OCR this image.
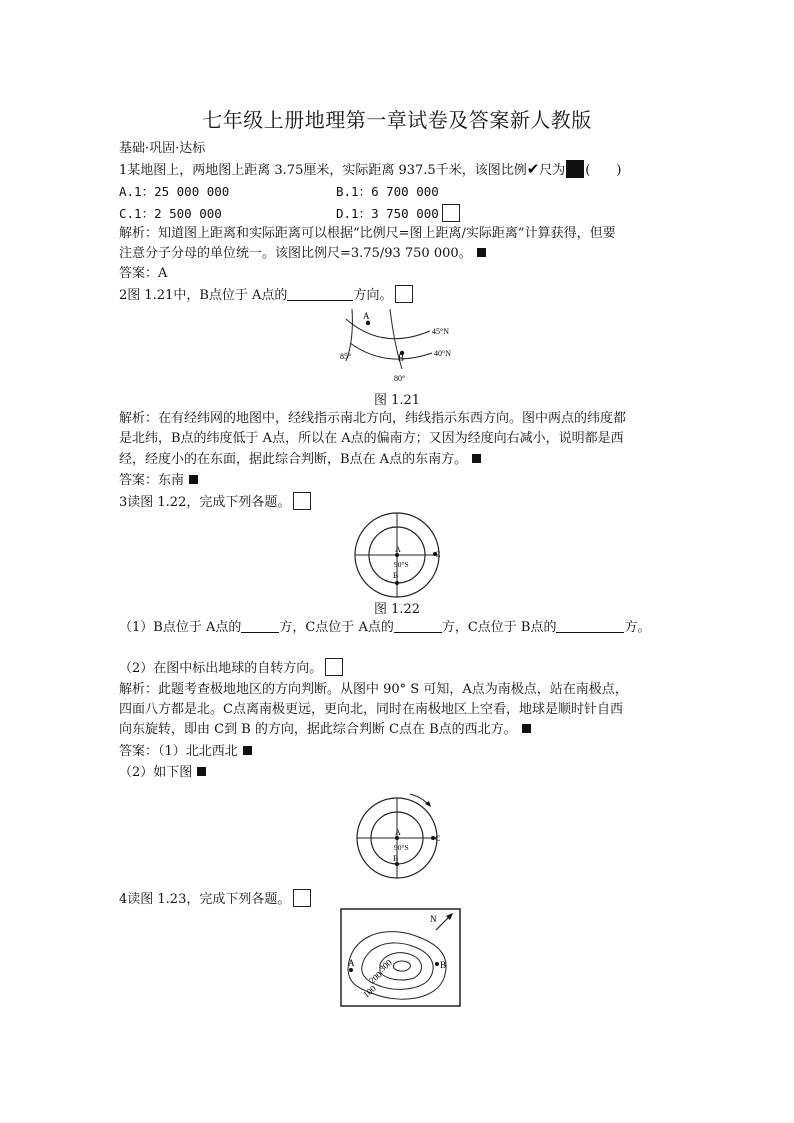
七年级上册地理第一章试卷及答案新人教版
基础·巩固·达标
1某地图上，两地图上距离 3.75厘米，实际距离 937.5千米，该图比例✔尺为 (　　)
A.1：25 000 000	B.1：6 700 000
C.1：2 500 000	D.1：3 750 000
解析：知道图上距离和实际距离可以根据“比例尺=图上距离/实际距离”计算获得，但要
注意分子分母的单位统一。该图比例尺=3.75/93 750 000。
答案：A
2图 1.21中，B点位于 A点的	方向。
A
B
45°N
40°N
85°
80°
图 1.21
解析：在有经纬网的地图中，经线指示南北方向，纬线指示东西方向。图中两点的纬度都
是北纬，B点的纬度低于 A点，所以在 A点的偏南方；又因为经度向右减小，说明都是西
经，经度小的在东面，据此综合判断，B点在 A点的东南方。
答案：东南
3读图 1.22，完成下列各题。
A
90°S
B
C
图 1.22
（1）B点位于 A点的	方，C点位于 A点的	方，C点位于 B点的	方。
（2）在图中标出地球的自转方向。
解析：此题考查极地地区的方向判断。从图中 90° S 可知，A点为南极点，站在南极点，
四面八方都是北。C点离南极更远，更向北，同时在南极地区上空看，地球是顺时针自西
向东旋转，即由 C到 B 的方向，据此综合判断 C点在 B点的西北方。
答案：（1）北北西北
（2）如下图
A
90°S
B
C
4读图 1.23，完成下列各题。
N
A	B
300
200
100
